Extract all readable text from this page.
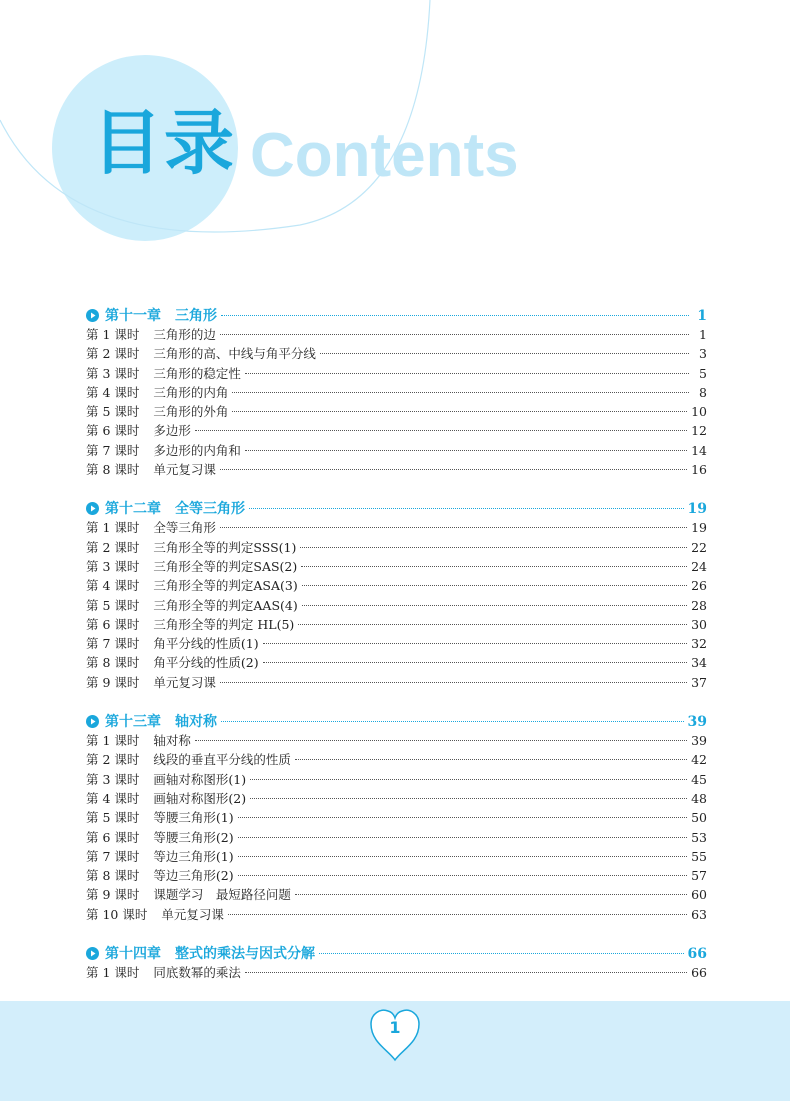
目录 Contents
第十一章　三角形	1
第 1 课时 三角形的边	1
第 2 课时 三角形的高、中线与角平分线	3
第 3 课时 三角形的稳定性	5
第 4 课时 三角形的内角	8
第 5 课时 三角形的外角	10
第 6 课时 多边形	12
第 7 课时 多边形的内角和	14
第 8 课时 单元复习课	16
第十二章　全等三角形	19
第 1 课时 全等三角形	19
第 2 课时 三角形全等的判定SSS(1)	22
第 3 课时 三角形全等的判定SAS(2)	24
第 4 课时 三角形全等的判定ASA(3)	26
第 5 课时 三角形全等的判定AAS(4)	28
第 6 课时 三角形全等的判定 HL(5)	30
第 7 课时 角平分线的性质(1)	32
第 8 课时 角平分线的性质(2)	34
第 9 课时 单元复习课	37
第十三章　轴对称	39
第 1 课时 轴对称	39
第 2 课时 线段的垂直平分线的性质	42
第 3 课时 画轴对称图形(1)	45
第 4 课时 画轴对称图形(2)	48
第 5 课时 等腰三角形(1)	50
第 6 课时 等腰三角形(2)	53
第 7 课时 等边三角形(1)	55
第 8 课时 等边三角形(2)	57
第 9 课时 课题学习　最短路径问题	60
第 10 课时 单元复习课	63
第十四章　整式的乘法与因式分解	66
第 1 课时 同底数幂的乘法	66
1
